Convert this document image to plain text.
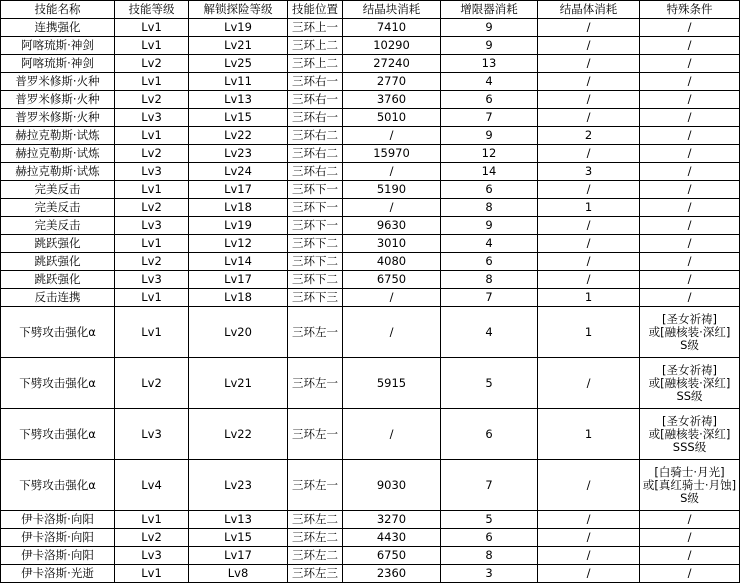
技能名称	技能等级	解锁探险等级	技能位置	结晶块消耗	增限器消耗	结晶体消耗	特殊条件
连携强化	Lv1	Lv19	三环上一	7410	9	/	/

阿喀琉斯·神剑	Lv1	Lv21	三环上二	10290	9	/	/

阿喀琉斯·神剑	Lv2	Lv25	三环上二	27240	13	/	/

普罗米修斯·火种	Lv1	Lv11	三环右一	2770	4	/	/

普罗米修斯·火种	Lv2	Lv13	三环右一	3760	6	/	/

普罗米修斯·火种	Lv3	Lv15	三环右一	5010	7	/	/

赫拉克勒斯·试炼	Lv1	Lv22	三环右二	/	9	2	/

赫拉克勒斯·试炼	Lv2	Lv23	三环右二	15970	12	/	/

赫拉克勒斯·试炼	Lv3	Lv24	三环右二	/	14	3	/

完美反击	Lv1	Lv17	三环下一	5190	6	/	/

完美反击	Lv2	Lv18	三环下一	/	8	1	/

完美反击	Lv3	Lv19	三环下一	9630	9	/	/

跳跃强化	Lv1	Lv12	三环下二	3010	4	/	/

跳跃强化	Lv2	Lv14	三环下二	4080	6	/	/

跳跃强化	Lv3	Lv17	三环下二	6750	8	/	/

反击连携	Lv1	Lv18	三环下三	/	7	1	/

下劈攻击强化α	Lv1	Lv20	三环左一	/	4	1	[圣女祈祷]
或[融核装·深红]
S级

下劈攻击强化α	Lv2	Lv21	三环左一	5915	5	/	[圣女祈祷]
或[融核装·深红]
SS级

下劈攻击强化α	Lv3	Lv22	三环左一	/	6	1	[圣女祈祷]
或[融核装·深红]
SSS级

下劈攻击强化α	Lv4	Lv23	三环左一	9030	7	/	[白骑士·月光]
或[真红骑士·月蚀]
S级

伊卡洛斯·向阳	Lv1	Lv13	三环左二	3270	5	/	/

伊卡洛斯·向阳	Lv2	Lv15	三环左二	4430	6	/	/

伊卡洛斯·向阳	Lv3	Lv17	三环左二	6750	8	/	/

伊卡洛斯·光逝	Lv1	Lv8	三环左三	2360	3	/	/
